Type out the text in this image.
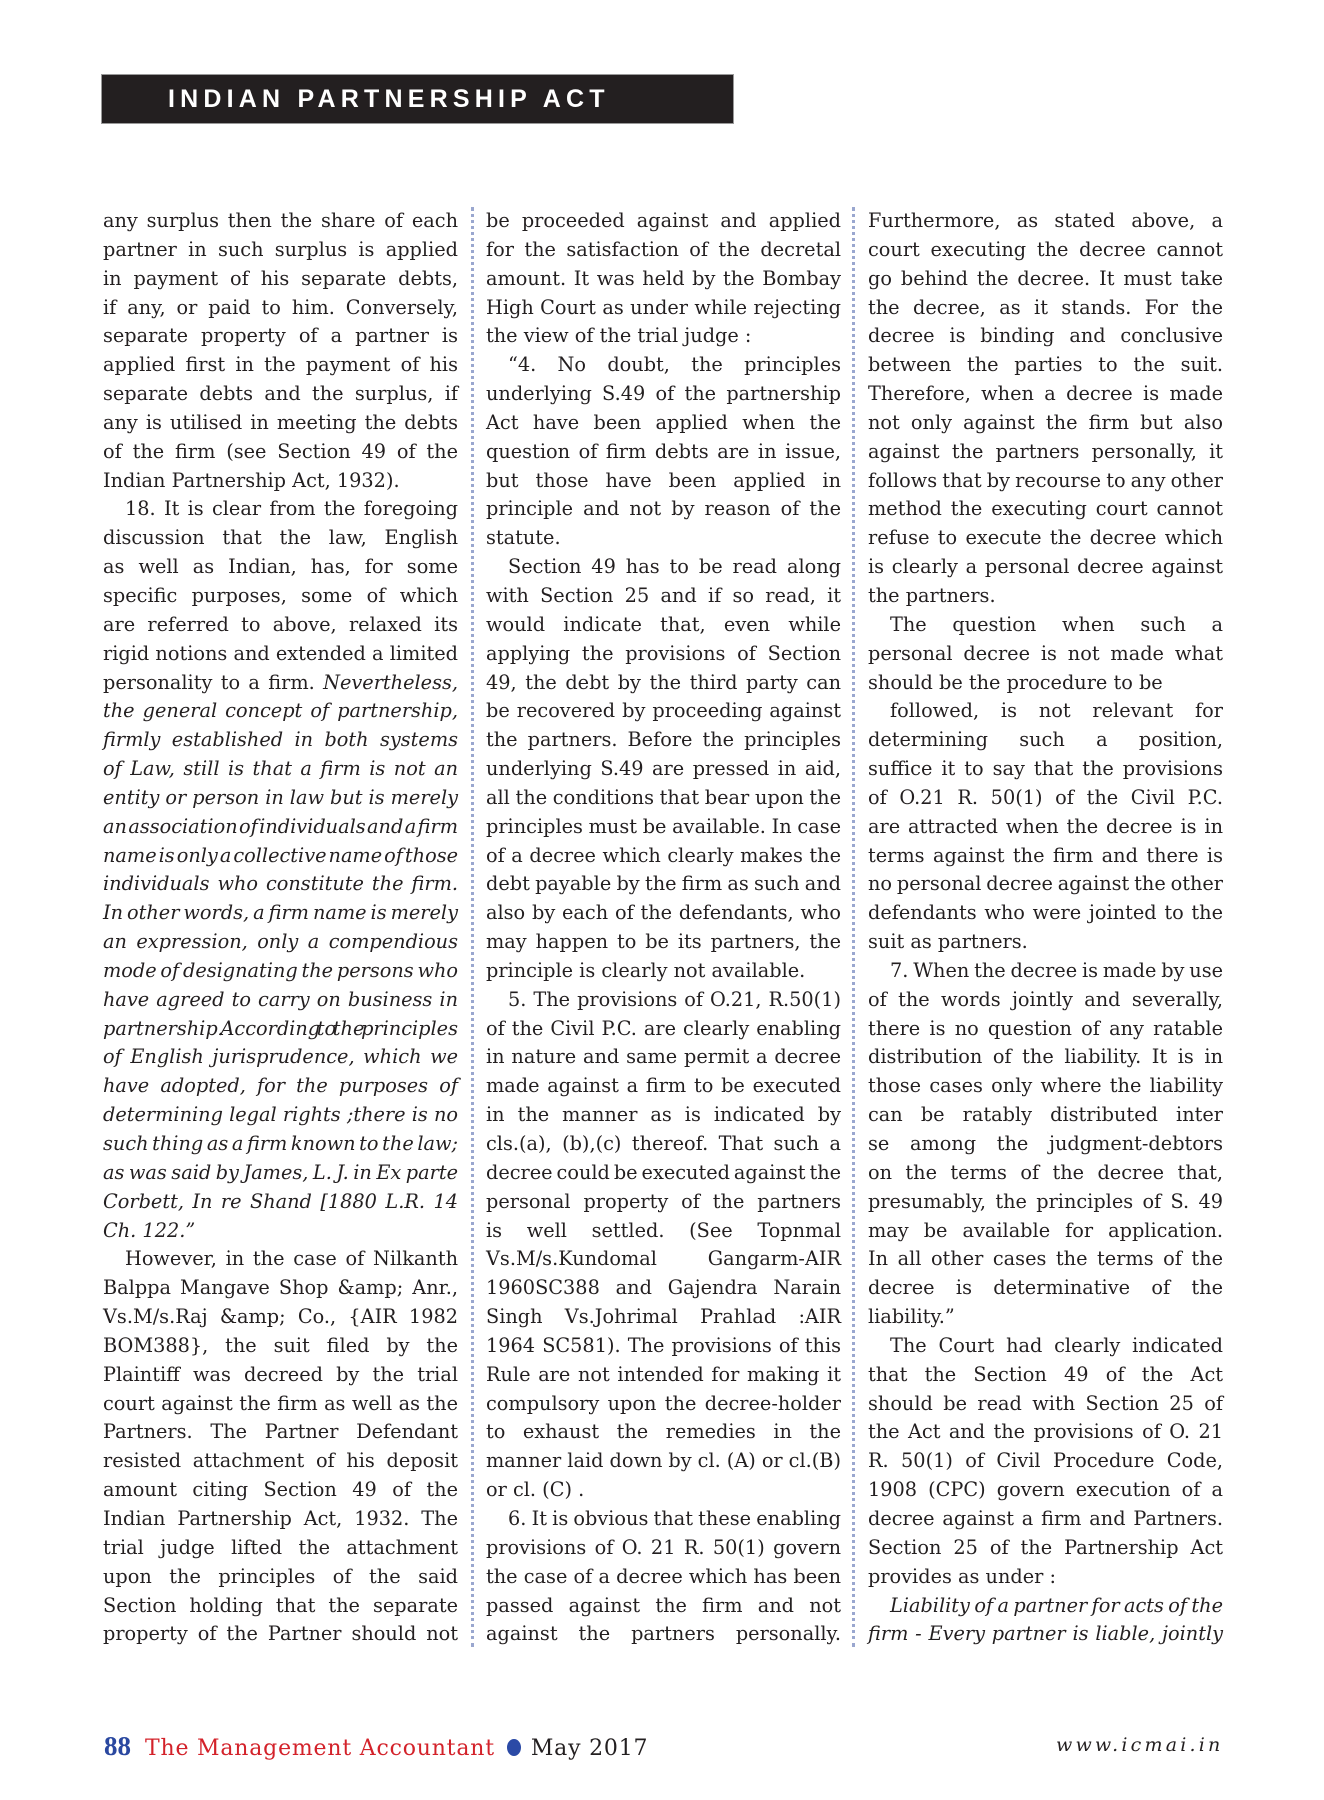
INDIAN PARTNERSHIP ACT
any surplus then the share of each
partner in such surplus is applied
in payment of his separate debts,
if any, or paid to him. Conversely,
separate property of a partner is
applied first in the payment of his
separate debts and the surplus, if
any is utilised in meeting the debts
of the firm (see Section 49 of the
Indian Partnership Act, 1932).
18. It is clear from the foregoing
discussion that the law, English
as well as Indian, has, for some
specific purposes, some of which
are referred to above, relaxed its
rigid notions and extended a limited
personality to a firm. Nevertheless,
the general concept of partnership,
firmly established in both systems
of Law, still is that a firm is not an
entity or person in law but is merely
an association of individuals and a firm
name is only a collective name of those
individuals who constitute the firm.
In other words, a firm name is merely
an expression, only a compendious
mode of designating the persons who
have agreed to carry on business in
partnership. According to the principles
of English jurisprudence, which we
have adopted, for the purposes of
determining legal rights ;there is no
such thing as a firm known to the law;
as was said by James, L. J. in Ex parte
Corbett, In re Shand [1880 L.R. 14
Ch. 122.”
However, in the case of Nilkanth
Balppa Mangave Shop &amp; Anr.,
Vs.M/s.Raj &amp; Co., {AIR 1982
BOM388}, the suit filed by the
Plaintiff was decreed by the trial
court against the firm as well as the
Partners. The Partner Defendant
resisted attachment of his deposit
amount citing Section 49 of the
Indian Partnership Act, 1932. The
trial judge lifted the attachment
upon the principles of the said
Section holding that the separate
property of the Partner should not
be proceeded against and applied
for the satisfaction of the decretal
amount. It was held by the Bombay
High Court as under while rejecting
the view of the trial judge :
“4. No doubt, the principles
underlying S.49 of the partnership
Act have been applied when the
question of firm debts are in issue,
but those have been applied in
principle and not by reason of the
statute.
Section 49 has to be read along
with Section 25 and if so read, it
would indicate that, even while
applying the provisions of Section
49, the debt by the third party can
be recovered by proceeding against
the partners. Before the principles
underlying S.49 are pressed in aid,
all the conditions that bear upon the
principles must be available. In case
of a decree which clearly makes the
debt payable by the firm as such and
also by each of the defendants, who
may happen to be its partners, the
principle is clearly not available.
5. The provisions of O.21, R.50(1)
of the Civil P.C. are clearly enabling
in nature and same permit a decree
made against a firm to be executed
in the manner as is indicated by
cls.(a), (b),(c) thereof. That such a
decree could be executed against the
personal property of the partners
is well settled. (See Topnmal
Vs.M/s.Kundomal Gangarm-AIR
1960SC388 and Gajendra Narain
Singh Vs.Johrimal Prahlad :AIR
1964 SC581). The provisions of this
Rule are not intended for making it
compulsory upon the decree-holder
to exhaust the remedies in the
manner laid down by cl. (A) or cl.(B)
or cl. (C) .
6. It is obvious that these enabling
provisions of O. 21 R. 50(1) govern
the case of a decree which has been
passed against the firm and not
against the partners personally.
Furthermore, as stated above, a
court executing the decree cannot
go behind the decree. It must take
the decree, as it stands. For the
decree is binding and conclusive
between the parties to the suit.
Therefore, when a decree is made
not only against the firm but also
against the partners personally, it
follows that by recourse to any other
method the executing court cannot
refuse to execute the decree which
is clearly a personal decree against
the partners.
The question when such a
personal decree is not made what
should be the procedure to be
followed, is not relevant for
determining such a position,
suffice it to say that the provisions
of O.21 R. 50(1) of the Civil P.C.
are attracted when the decree is in
terms against the firm and there is
no personal decree against the other
defendants who were jointed to the
suit as partners.
7. When the decree is made by use
of the words jointly and severally,
there is no question of any ratable
distribution of the liability. It is in
those cases only where the liability
can be ratably distributed inter
se among the judgment-debtors
on the terms of the decree that,
presumably, the principles of S. 49
may be available for application.
In all other cases the terms of the
decree is determinative of the
liability.”
The Court had clearly indicated
that the Section 49 of the Act
should be read with Section 25 of
the Act and the provisions of O. 21
R. 50(1) of Civil Procedure Code,
1908 (CPC) govern execution of a
decree against a firm and Partners.
Section 25 of the Partnership Act
provides as under :
Liability of a partner for acts of the
firm - Every partner is liable, jointly
88 The Management Accountant May 2017	www.icmai.in
